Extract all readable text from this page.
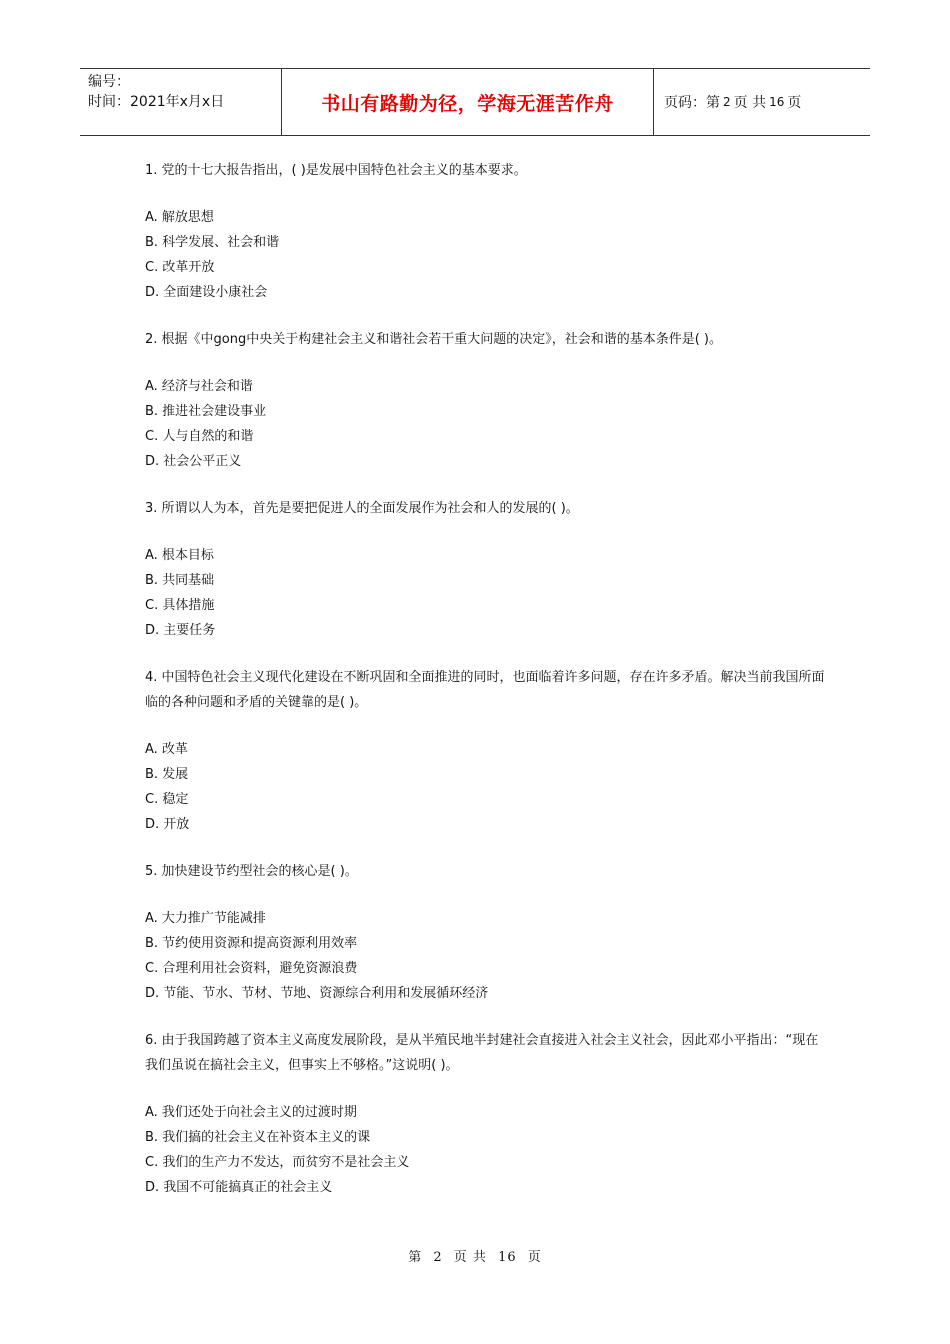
编号：
时间：2021年x月x日	书山有路勤为径，学海无涯苦作舟	页码：第 2 页 共 16 页

1. 党的十七大报告指出，( )是发展中国特色社会主义的基本要求。

A. 解放思想

B. 科学发展、社会和谐

C. 改革开放

D. 全面建设小康社会

2. 根据《中gong中央关于构建社会主义和谐社会若干重大问题的决定》，社会和谐的基本条件是( )。

A. 经济与社会和谐

B. 推进社会建设事业

C. 人与自然的和谐

D. 社会公平正义

3. 所谓以人为本，首先是要把促进人的全面发展作为社会和人的发展的( )。

A. 根本目标

B. 共同基础

C. 具体措施

D. 主要任务

4. 中国特色社会主义现代化建设在不断巩固和全面推进的同时，也面临着许多问题，存在许多矛盾。解决当前我国所面临的各种问题和矛盾的关键靠的是( )。

A. 改革

B. 发展

C. 稳定

D. 开放

5. 加快建设节约型社会的核心是( )。

A. 大力推广节能减排

B. 节约使用资源和提高资源利用效率

C. 合理利用社会资料，避免资源浪费

D. 节能、节水、节材、节地、资源综合利用和发展循环经济

6. 由于我国跨越了资本主义高度发展阶段，是从半殖民地半封建社会直接进入社会主义社会，因此邓小平指出：“现在我们虽说在搞社会主义，但事实上不够格。”这说明( )。

A. 我们还处于向社会主义的过渡时期

B. 我们搞的社会主义在补资本主义的课

C. 我们的生产力不发达，而贫穷不是社会主义

D. 我国不可能搞真正的社会主义

第 2 页 共 16 页
